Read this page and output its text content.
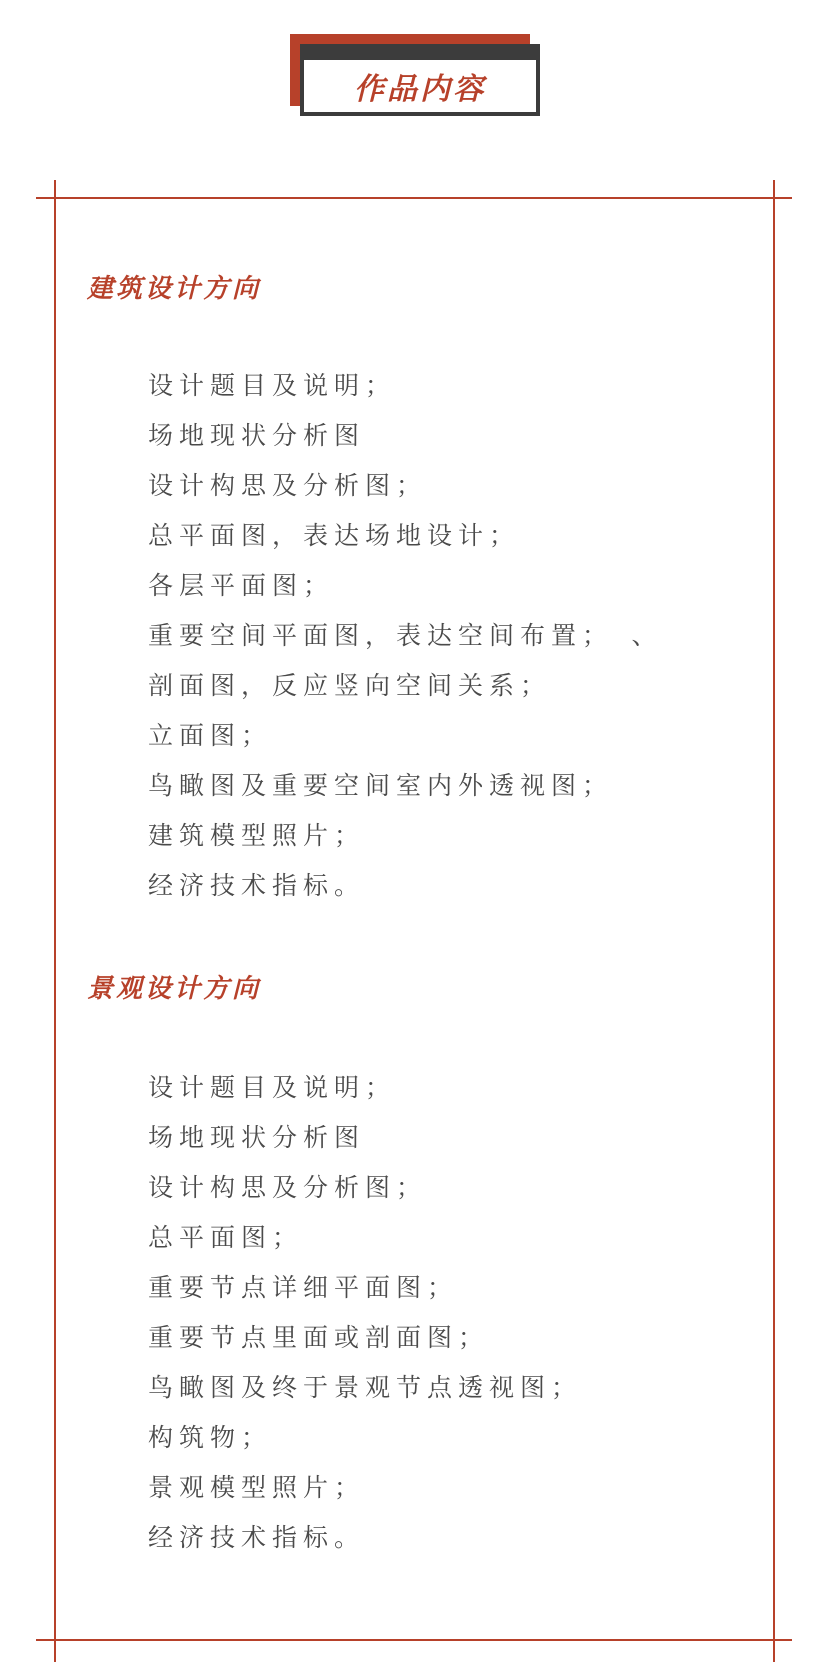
作品内容
建筑设计方向
设计题目及说明；
场地现状分析图
设计构思及分析图；
总平面图，表达场地设计；
各层平面图；
重要空间平面图，表达空间布置；　、
剖面图，反应竖向空间关系；
立面图；
鸟瞰图及重要空间室内外透视图；
建筑模型照片；
经济技术指标。
景观设计方向
设计题目及说明；
场地现状分析图
设计构思及分析图；
总平面图；
重要节点详细平面图；
重要节点里面或剖面图；
鸟瞰图及终于景观节点透视图；
构筑物；
景观模型照片；
经济技术指标。
